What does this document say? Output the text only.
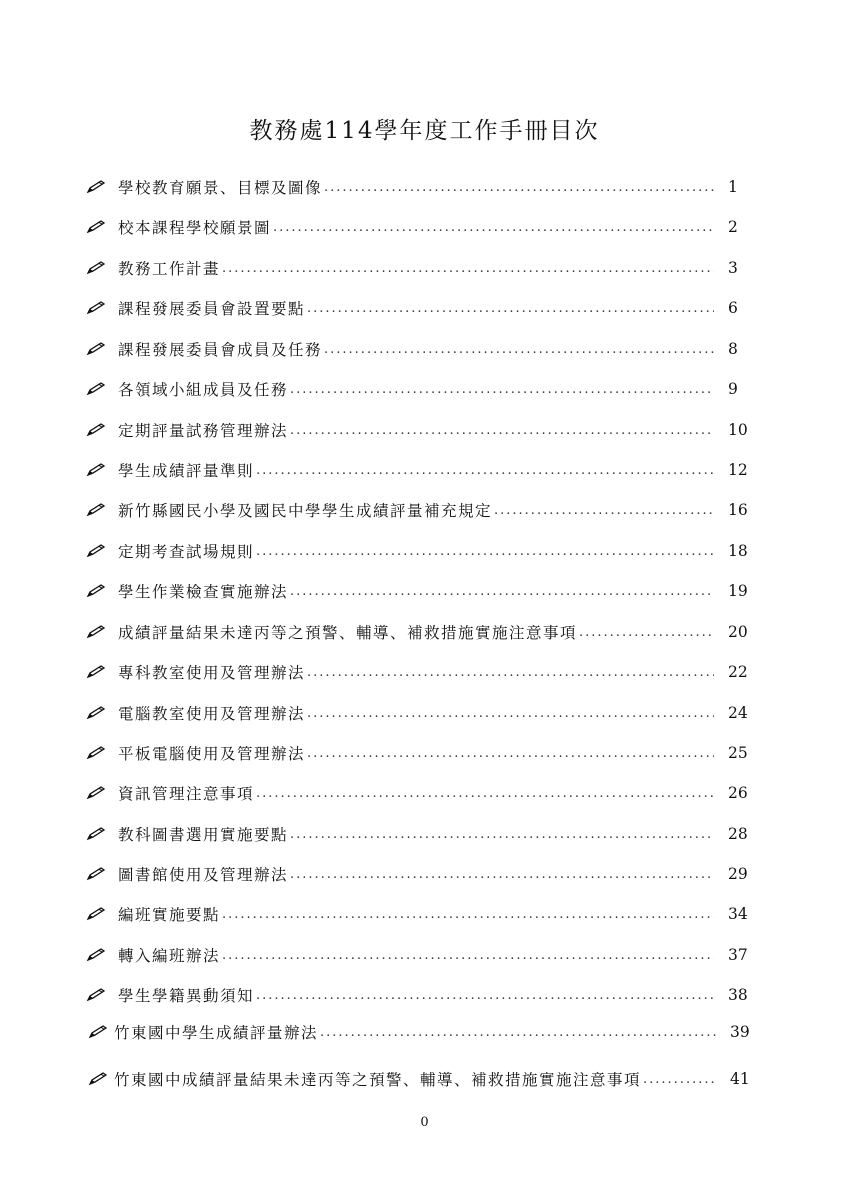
教務處114學年度工作手冊目次
學校教育願景、目標及圖像 .....	1
校本課程學校願景圖 .....	2
教務工作計畫 .....	3
課程發展委員會設置要點 .....	6
課程發展委員會成員及任務 .....	8
各領域小組成員及任務 .....	9
定期評量試務管理辦法 .....	10
學生成績評量準則 .....	12
新竹縣國民小學及國民中學學生成績評量補充規定 .....	16
定期考查試場規則 .....	18
學生作業檢查實施辦法 .....	19
成績評量結果未達丙等之預警、輔導、補救措施實施注意事項 .....	20
專科教室使用及管理辦法 .....	22
電腦教室使用及管理辦法 .....	24
平板電腦使用及管理辦法 .....	25
資訊管理注意事項 .....	26
教科圖書選用實施要點 .....	28
圖書館使用及管理辦法 .....	29
編班實施要點 .....	34
轉入編班辦法 .....	37
學生學籍異動須知 .....	38
竹東國中學生成績評量辦法 .....	39
竹東國中成績評量結果未達丙等之預警、輔導、補救措施實施注意事項 .....	41
0
